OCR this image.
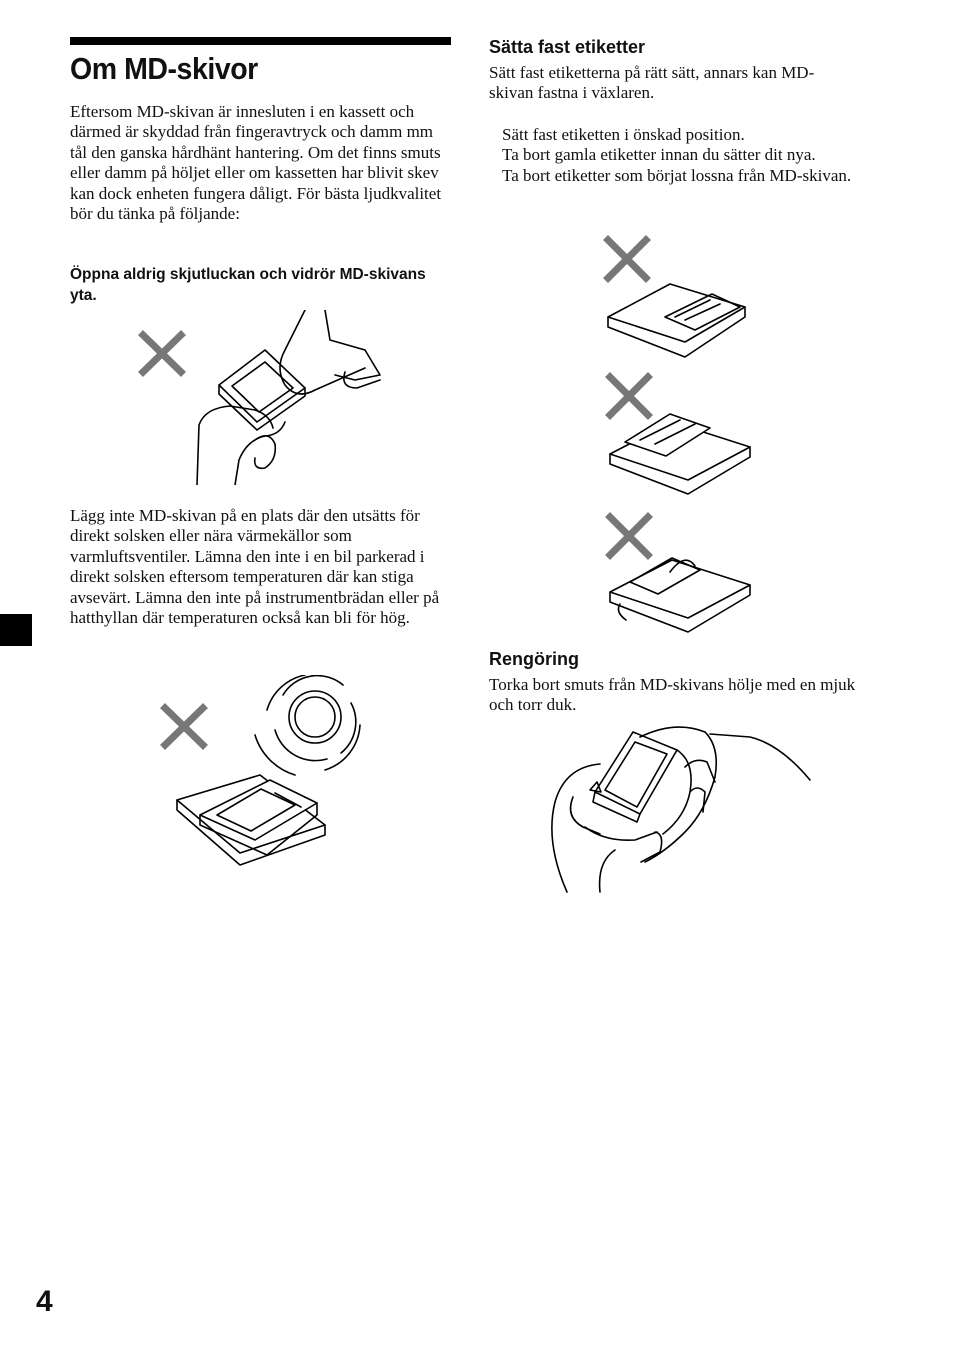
Om MD-skivor

Eftersom MD-skivan är innesluten i en kassett och därmed är skyddad från fingeravtryck och damm mm tål den ganska hårdhänt hantering. Om det finns smuts eller damm på höljet eller om kassetten har blivit skev kan dock enheten fungera dåligt. För bästa ljudkvalitet bör du tänka på följande:

Öppna aldrig skjutluckan och vidrör MD-skivans yta.

Lägg inte MD-skivan på en plats där den utsätts för direkt solsken eller nära värmekällor som varmluftsventiler. Lämna den inte i en bil parkerad i direkt solsken eftersom temperaturen där kan stiga avsevärt. Lämna den inte på instrumentbrädan eller på hatthyllan där temperaturen också kan bli för hög.

Sätta fast etiketter

Sätt fast etiketterna på rätt sätt, annars kan MD-skivan fastna i växlaren.

Sätt fast etiketten i önskad position.
Ta bort gamla etiketter innan du sätter dit nya.
Ta bort etiketter som börjat lossna från MD-skivan.
Rengöring

Torka bort smuts från MD-skivans hölje med en mjuk och torr duk.

4
